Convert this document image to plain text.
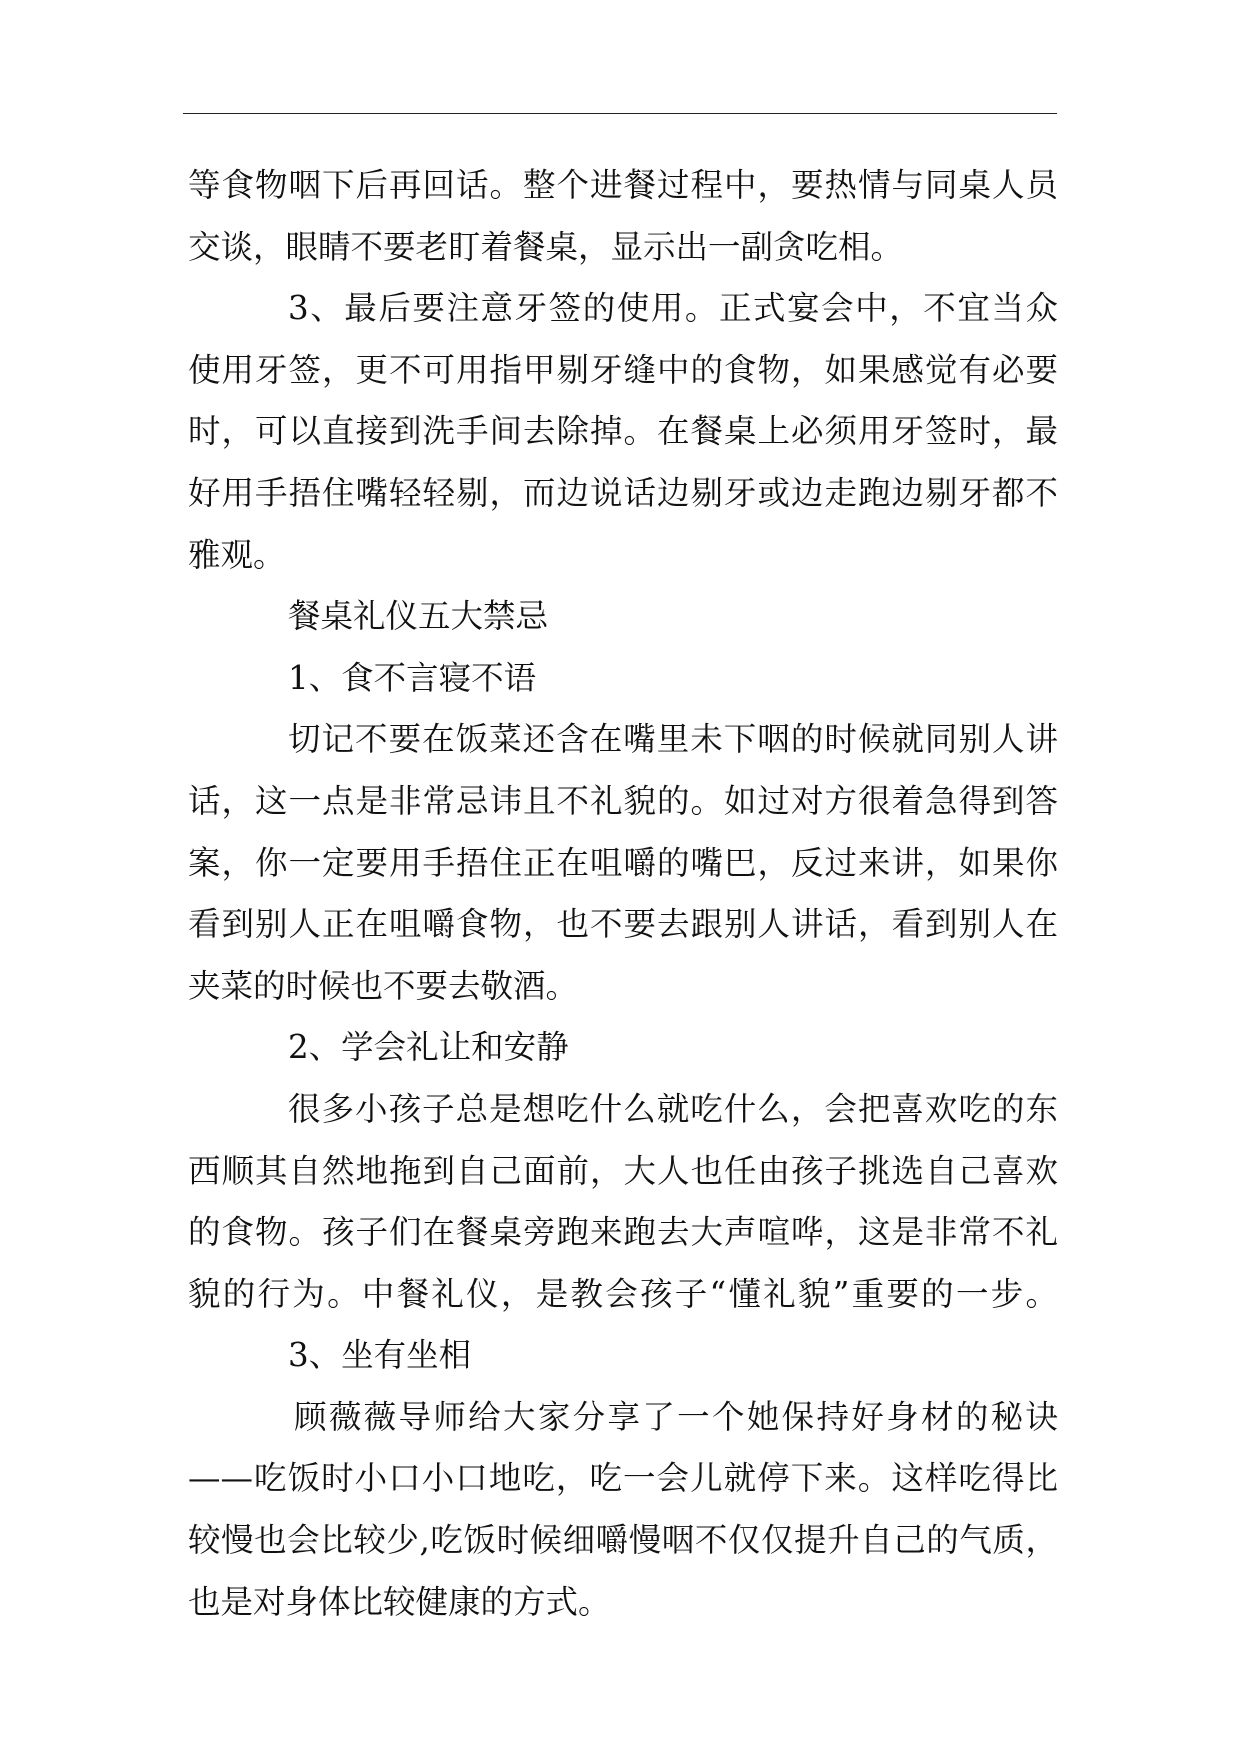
等食物咽下后再回话。整个进餐过程中，要热情与同桌人员
交谈，眼睛不要老盯着餐桌，显示出一副贪吃相。
3、最后要注意牙签的使用。正式宴会中，不宜当众
使用牙签，更不可用指甲剔牙缝中的食物，如果感觉有必要
时，可以直接到洗手间去除掉。在餐桌上必须用牙签时，最
好用手捂住嘴轻轻剔，而边说话边剔牙或边走跑边剔牙都不
雅观。
餐桌礼仪五大禁忌
1、食不言寝不语
切记不要在饭菜还含在嘴里未下咽的时候就同别人讲
话，这一点是非常忌讳且不礼貌的。如过对方很着急得到答
案，你一定要用手捂住正在咀嚼的嘴巴，反过来讲，如果你
看到别人正在咀嚼食物，也不要去跟别人讲话，看到别人在
夹菜的时候也不要去敬酒。
2、学会礼让和安静
很多小孩子总是想吃什么就吃什么，会把喜欢吃的东
西顺其自然地拖到自己面前，大人也任由孩子挑选自己喜欢
的食物。孩子们在餐桌旁跑来跑去大声喧哗，这是非常不礼
貌的行为。中餐礼仪，是教会孩子“懂礼貌”重要的一步。
3、坐有坐相
顾薇薇导师给大家分享了一个她保持好身材的秘诀
——吃饭时小口小口地吃，吃一会儿就停下来。这样吃得比
较慢也会比较少,吃饭时候细嚼慢咽不仅仅提升自己的气质，
也是对身体比较健康的方式。
